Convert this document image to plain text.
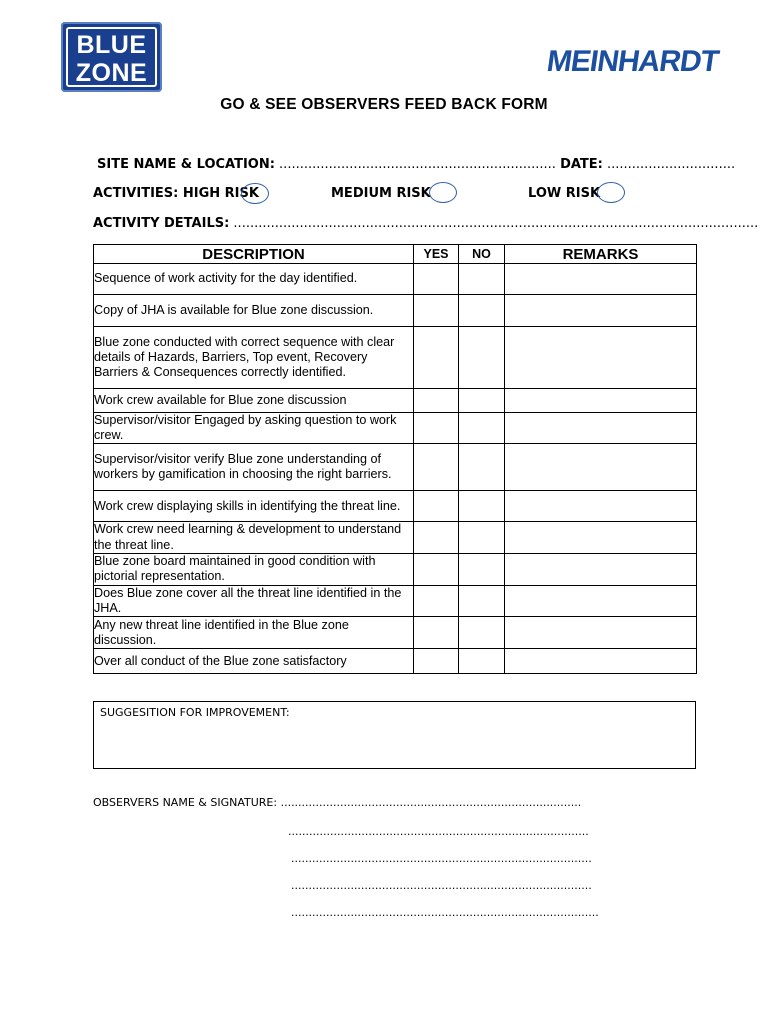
BLUE
ZONE	MEINHARDT
GO & SEE OBSERVERS FEED BACK FORM
SITE NAME & LOCATION: ................................................................... DATE: ...............................
ACTIVITIES: HIGH RISK	MEDIUM RISK	LOW RISK
ACTIVITY DETAILS: ...............................................................................................................................
DESCRIPTION	YES	NO	REMARKS
Sequence of work activity for the day identified.			
Copy of JHA is available for Blue zone discussion.			
Blue zone conducted with correct sequence with clear details of Hazards, Barriers, Top event, Recovery Barriers & Consequences correctly identified.			
Work crew available for Blue zone discussion			
Supervisor/visitor Engaged by asking question to work crew.			
Supervisor/visitor verify Blue zone understanding of workers by gamification in choosing the right barriers.			
Work crew displaying skills in identifying the threat line.			
Work crew need learning & development to understand the threat line.			
Blue zone board maintained in good condition with pictorial representation.			
Does Blue zone cover all the threat line identified in the JHA.			
Any new threat line identified in the Blue zone discussion.			
Over all conduct of the Blue zone satisfactory			
SUGGESITION FOR IMPROVEMENT:
OBSERVERS NAME & SIGNATURE: ......................................................................................
......................................................................................
......................................................................................
......................................................................................
........................................................................................
